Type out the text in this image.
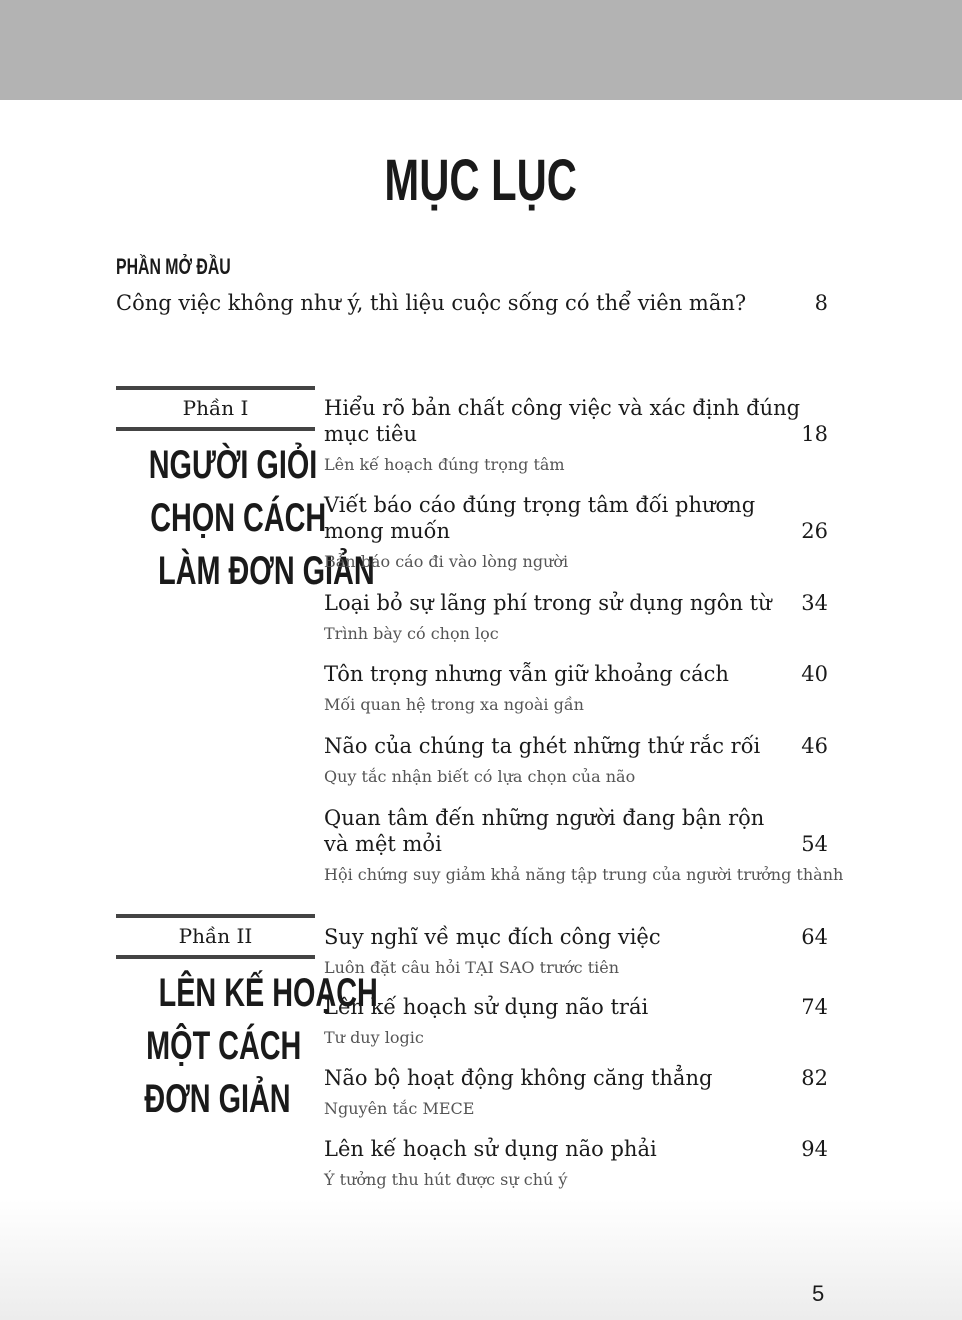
MỤC LỤC
PHẦN MỞ ĐẦU
Công việc không như ý, thì liệu cuộc sống có thể viên mãn?	8
Phần I
NGƯỜI GIỎI
CHỌN CÁCH
LÀM ĐƠN GIẢN
Hiểu rõ bản chất công việc và xác định đúng
mục tiêu
Lên kế hoạch đúng trọng tâm
18
Viết báo cáo đúng trọng tâm đối phương
mong muốn
Bản báo cáo đi vào lòng người
26
Loại bỏ sự lãng phí trong sử dụng ngôn từ
Trình bày có chọn lọc
34
Tôn trọng nhưng vẫn giữ khoảng cách
Mối quan hệ trong xa ngoài gần
40
Não của chúng ta ghét những thứ rắc rối
Quy tắc nhận biết có lựa chọn của não
46
Quan tâm đến những người đang bận rộn
và mệt mỏi
Hội chứng suy giảm khả năng tập trung của người trưởng thành
54
Phần II
LÊN KẾ HOẠCH
MỘT CÁCH
ĐƠN GIẢN
Suy nghĩ về mục đích công việc
Luôn đặt câu hỏi TẠI SAO trước tiên
64
Lên kế hoạch sử dụng não trái
Tư duy logic
74
Não bộ hoạt động không căng thẳng
Nguyên tắc MECE
82
Lên kế hoạch sử dụng não phải
Ý tưởng thu hút được sự chú ý
94
5
